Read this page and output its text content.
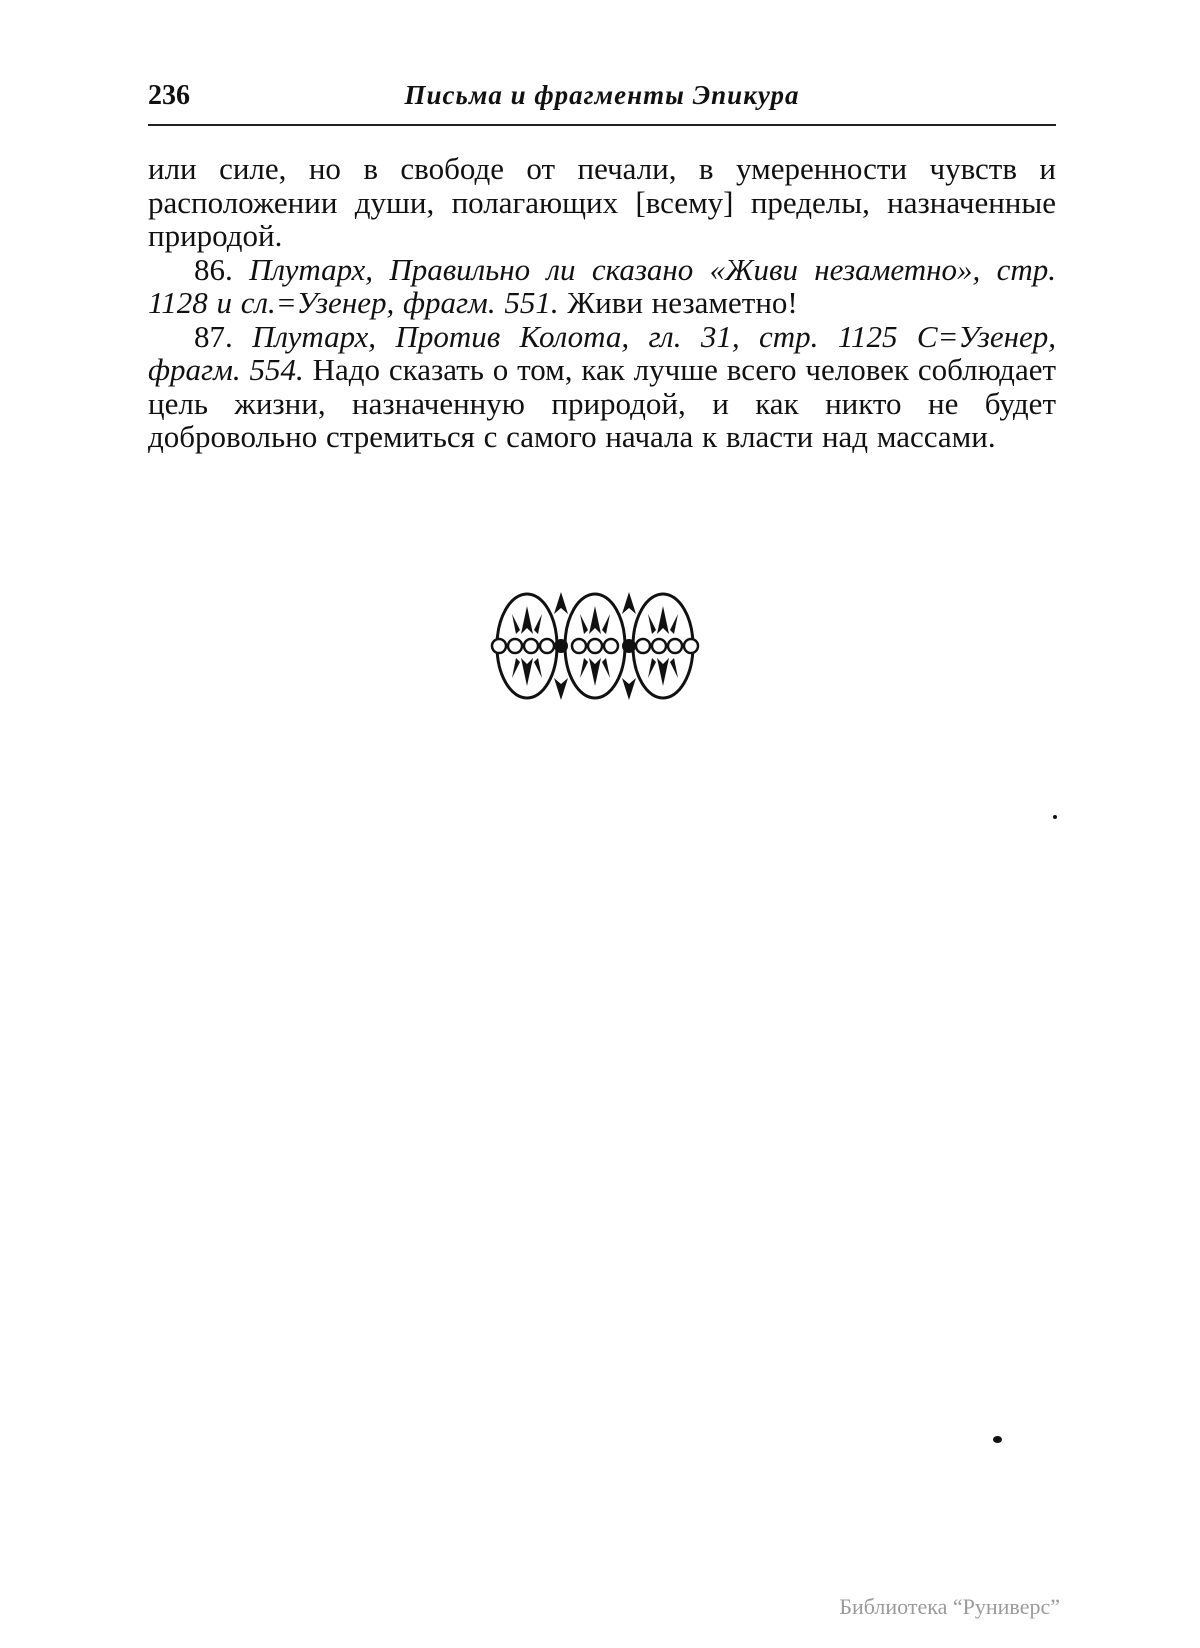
236	Письма и фрагменты Эпикура

или силе, но в свободе от печали, в умеренности чувств и расположении души, полагающих [всему] пределы, назначенные природой.

86. Плутарх, Правильно ли сказано «Живи незаметно», стр. 1128 и сл.=Узенер, фрагм. 551. Живи незаметно!

87. Плутарх, Против Колота, гл. 31, стр. 1125 С=Узенер, фрагм. 554. Надо сказать о том, как лучше всего человек соблюдает цель жизни, назначенную природой, и как никто не будет добровольно стремиться с самого начала к власти над массами.

Библиотека “Руниверс”
